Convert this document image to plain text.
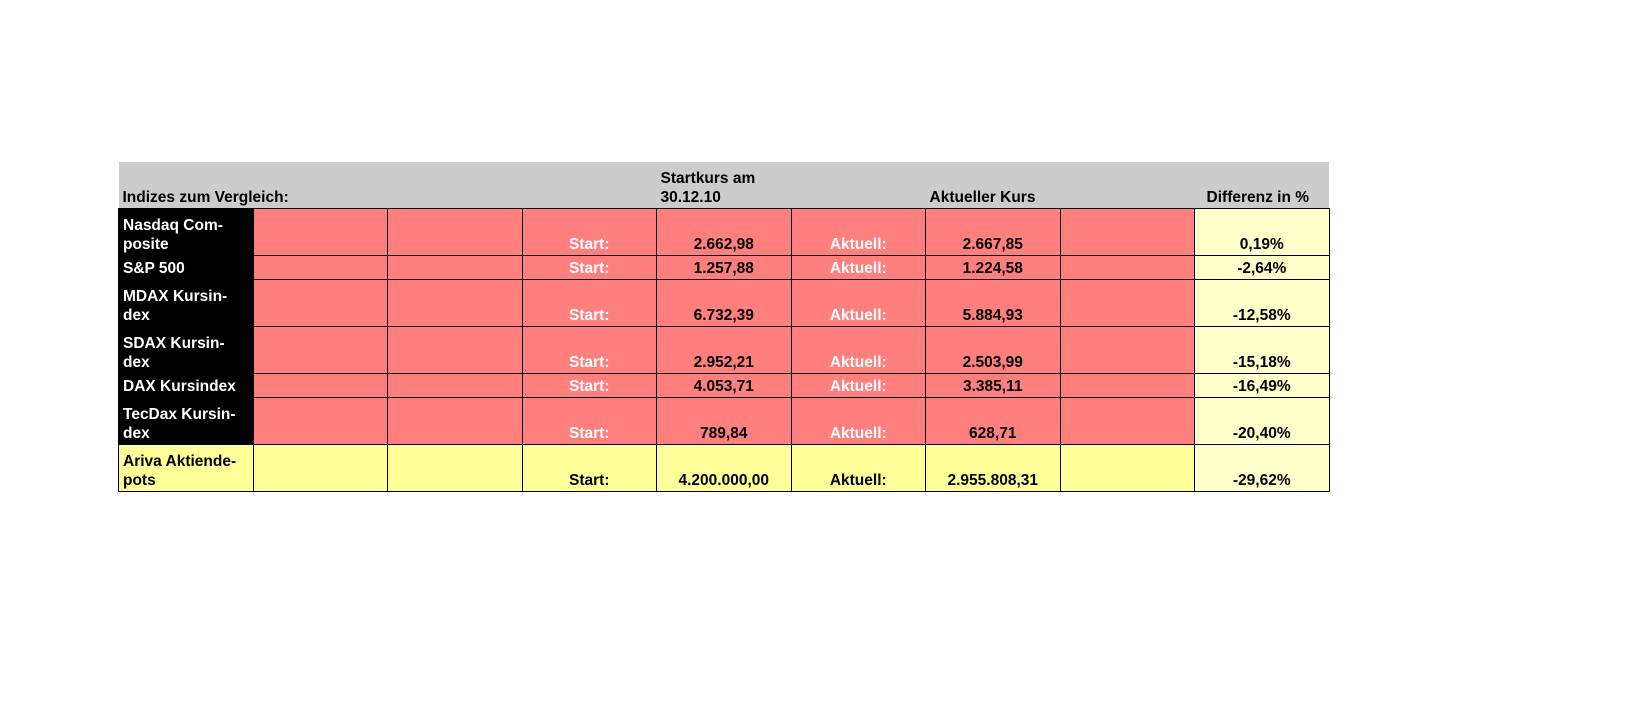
Indizes zum Vergleich:				Startkurs am
30.12.10		Aktueller Kurs		Differenz in %

Nasdaq Com-
posite			Start:	2.662,98	Aktuell:	2.667,85		0,19%

S&P 500			Start:	1.257,88	Aktuell:	1.224,58		-2,64%

MDAX Kursin-
dex			Start:	6.732,39	Aktuell:	5.884,93		-12,58%

SDAX Kursin-
dex			Start:	2.952,21	Aktuell:	2.503,99		-15,18%

DAX Kursindex			Start:	4.053,71	Aktuell:	3.385,11		-16,49%

TecDax Kursin-
dex			Start:	789,84	Aktuell:	628,71		-20,40%

Ariva Aktiende-
pots			Start:	4.200.000,00	Aktuell:	2.955.808,31		-29,62%
